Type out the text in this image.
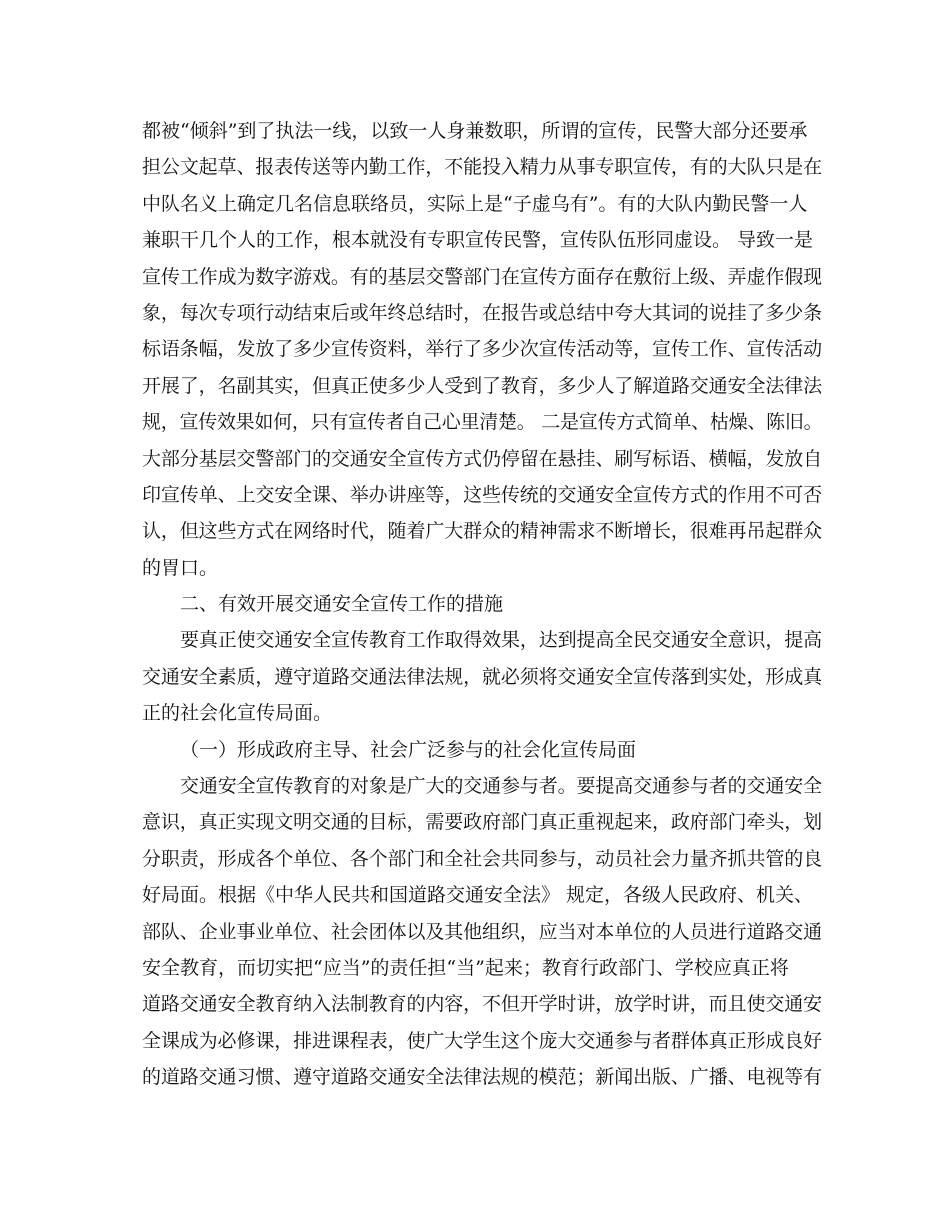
都被“倾斜”到了执法一线，以致一人身兼数职，所谓的宣传，民警大部分还要承
担公文起草、报表传送等内勤工作，不能投入精力从事专职宣传，有的大队只是在
中队名义上确定几名信息联络员，实际上是“子虚乌有”。有的大队内勤民警一人
兼职干几个人的工作，根本就没有专职宣传民警，宣传队伍形同虚设。 导致一是
宣传工作成为数字游戏。有的基层交警部门在宣传方面存在敷衍上级、弄虚作假现
象，每次专项行动结束后或年终总结时，在报告或总结中夸大其词的说挂了多少条
标语条幅，发放了多少宣传资料，举行了多少次宣传活动等，宣传工作、宣传活动
开展了，名副其实，但真正使多少人受到了教育，多少人了解道路交通安全法律法
规，宣传效果如何，只有宣传者自己心里清楚。 二是宣传方式简单、枯燥、陈旧。
大部分基层交警部门的交通安全宣传方式仍停留在悬挂、刷写标语、横幅，发放自
印宣传单、上交安全课、举办讲座等，这些传统的交通安全宣传方式的作用不可否
认，但这些方式在网络时代，随着广大群众的精神需求不断增长，很难再吊起群众
的胃口。
二、有效开展交通安全宣传工作的措施
要真正使交通安全宣传教育工作取得效果，达到提高全民交通安全意识，提高
交通安全素质，遵守道路交通法律法规，就必须将交通安全宣传落到实处，形成真
正的社会化宣传局面。
（一）形成政府主导、社会广泛参与的社会化宣传局面
交通安全宣传教育的对象是广大的交通参与者。要提高交通参与者的交通安全
意识，真正实现文明交通的目标，需要政府部门真正重视起来，政府部门牵头，划
分职责，形成各个单位、各个部门和全社会共同参与，动员社会力量齐抓共管的良
好局面。根据《中华人民共和国道路交通安全法》 规定，各级人民政府、机关、
部队、企业事业单位、社会团体以及其他组织，应当对本单位的人员进行道路交通
安全教育，而切实把“应当”的责任担“当”起来；教育行政部门、学校应真正将
道路交通安全教育纳入法制教育的内容，不但开学时讲，放学时讲，而且使交通安
全课成为必修课，排进课程表，使广大学生这个庞大交通参与者群体真正形成良好
的道路交通习惯、遵守道路交通安全法律法规的模范；新闻出版、广播、电视等有
